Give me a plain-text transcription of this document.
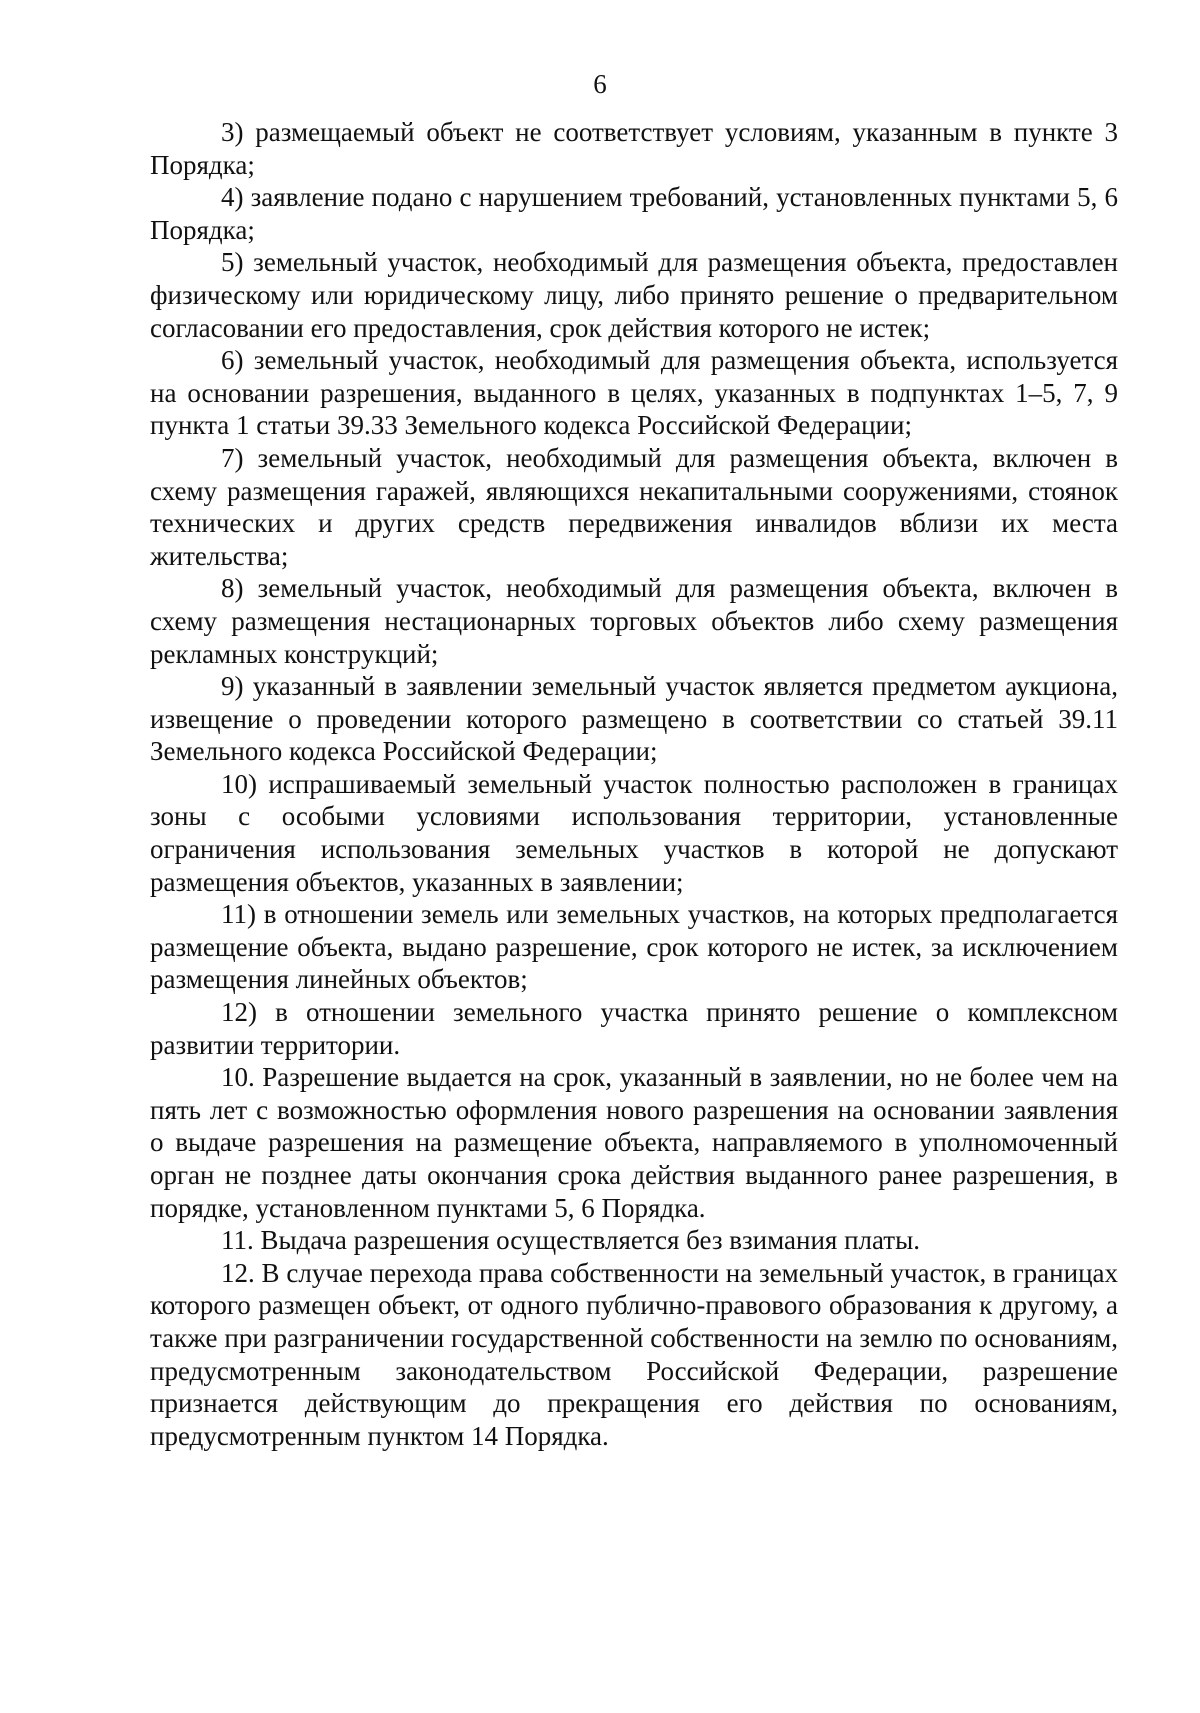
6

3) размещаемый объект не соответствует условиям, указанным в пункте 3 Порядка;

4) заявление подано с нарушением требований, установленных пунктами 5, 6 Порядка;

5) земельный участок, необходимый для размещения объекта, предоставлен физическому или юридическому лицу, либо принято решение о предварительном согласовании его предоставления, срок действия которого не истек;

6) земельный участок, необходимый для размещения объекта, используется на основании разрешения, выданного в целях, указанных в подпунктах 1–5, 7, 9 пункта 1 статьи 39.33 Земельного кодекса Российской Федерации;

7) земельный участок, необходимый для размещения объекта, включен в схему размещения гаражей, являющихся некапитальными сооружениями, стоянок технических и других средств передвижения инвалидов вблизи их места жительства;

8) земельный участок, необходимый для размещения объекта, включен в схему размещения нестационарных торговых объектов либо схему размещения рекламных конструкций;

9) указанный в заявлении земельный участок является предметом аукциона, извещение о проведении которого размещено в соответствии со статьей 39.11 Земельного кодекса Российской Федерации;

10) испрашиваемый земельный участок полностью расположен в границах зоны с особыми условиями использования территории, установленные ограничения использования земельных участков в которой не допускают размещения объектов, указанных в заявлении;

11) в отношении земель или земельных участков, на которых предполагается размещение объекта, выдано разрешение, срок которого не истек, за исключением размещения линейных объектов;

12) в отношении земельного участка принято решение о комплексном развитии территории.

10. Разрешение выдается на срок, указанный в заявлении, но не более чем на пять лет с возможностью оформления нового разрешения на основании заявления о выдаче разрешения на размещение объекта, направляемого в уполномоченный орган не позднее даты окончания срока действия выданного ранее разрешения, в порядке, установленном пунктами 5, 6 Порядка.

11. Выдача разрешения осуществляется без взимания платы.

12. В случае перехода права собственности на земельный участок, в границах которого размещен объект, от одного публично-правового образования к другому, а также при разграничении государственной собственности на землю по основаниям, предусмотренным законодательством Российской Федерации, разрешение признается действующим до прекращения его действия по основаниям, предусмотренным пунктом 14 Порядка.
